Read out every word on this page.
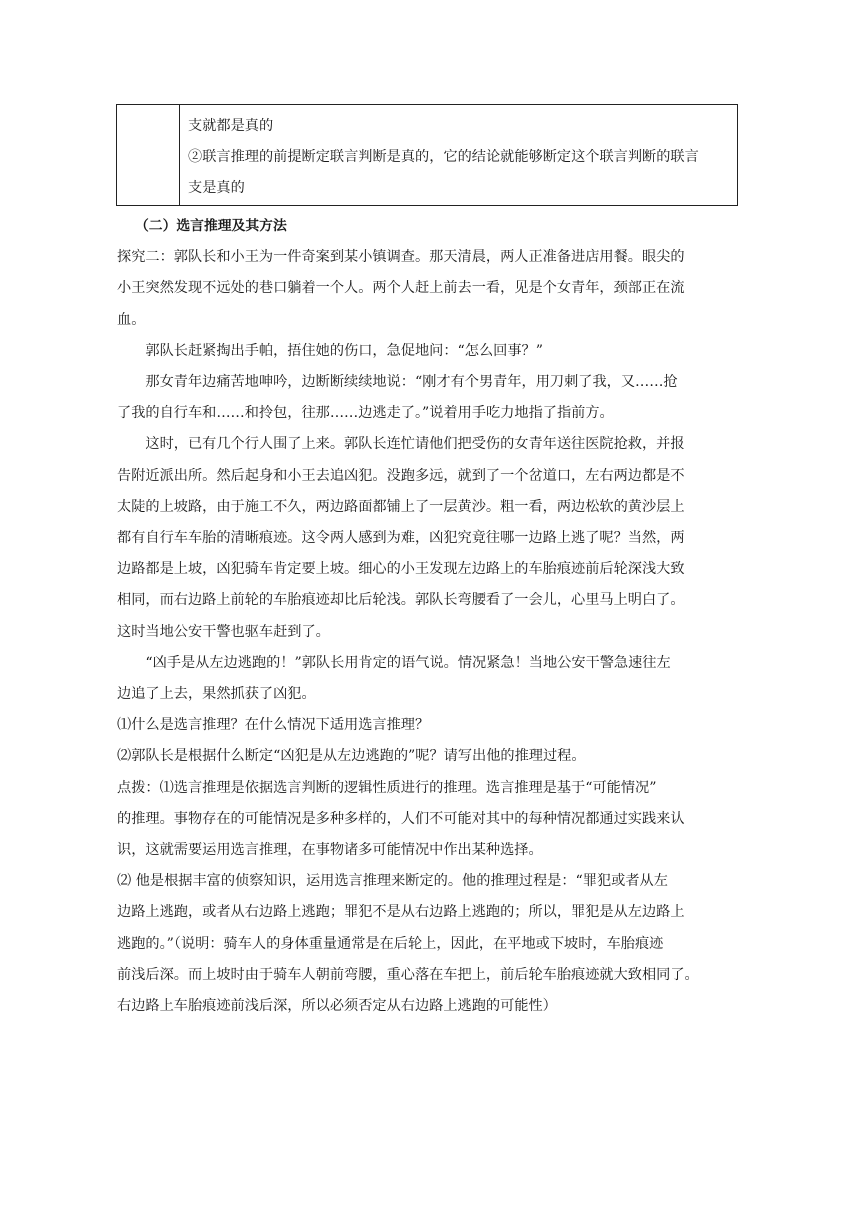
支就都是真的

②联言推理的前提断定联言判断是真的，它的结论就能够断定这个联言判断的联言

支是真的

（二）选言推理及其方法

探究二：郭队长和小王为一件奇案到某小镇调查。那天清晨，两人正准备进店用餐。眼尖的
小王突然发现不远处的巷口躺着一个人。两个人赶上前去一看，见是个女青年，颈部正在流
血。

郭队长赶紧掏出手帕，捂住她的伤口，急促地问：“怎么回事？”

那女青年边痛苦地呻吟，边断断续续地说：“刚才有个男青年，用刀刺了我，又……抢
了我的自行车和……和拎包，往那……边逃走了。”说着用手吃力地指了指前方。

这时，已有几个行人围了上来。郭队长连忙请他们把受伤的女青年送往医院抢救，并报
告附近派出所。然后起身和小王去追凶犯。没跑多远，就到了一个岔道口，左右两边都是不
太陡的上坡路，由于施工不久，两边路面都铺上了一层黄沙。粗一看，两边松软的黄沙层上
都有自行车车胎的清晰痕迹。这令两人感到为难，凶犯究竟往哪一边路上逃了呢？当然，两
边路都是上坡，凶犯骑车肯定要上坡。细心的小王发现左边路上的车胎痕迹前后轮深浅大致
相同，而右边路上前轮的车胎痕迹却比后轮浅。郭队长弯腰看了一会儿，心里马上明白了。
这时当地公安干警也驱车赶到了。

“凶手是从左边逃跑的！”郭队长用肯定的语气说。情况紧急！当地公安干警急速往左
边追了上去，果然抓获了凶犯。

⑴什么是选言推理？在什么情况下适用选言推理？

⑵郭队长是根据什么断定“凶犯是从左边逃跑的”呢？请写出他的推理过程。

点拨：⑴选言推理是依据选言判断的逻辑性质进行的推理。选言推理是基于“可能情况”
的推理。事物存在的可能情况是多种多样的，人们不可能对其中的每种情况都通过实践来认
识，这就需要运用选言推理，在事物诸多可能情况中作出某种选择。

⑵ 他是根据丰富的侦察知识，运用选言推理来断定的。他的推理过程是：“罪犯或者从左
边路上逃跑，或者从右边路上逃跑；罪犯不是从右边路上逃跑的；所以，罪犯是从左边路上
逃跑的。”（说明：骑车人的身体重量通常是在后轮上，因此，在平地或下坡时，车胎痕迹
前浅后深。而上坡时由于骑车人朝前弯腰，重心落在车把上，前后轮车胎痕迹就大致相同了。
右边路上车胎痕迹前浅后深，所以必须否定从右边路上逃跑的可能性）
